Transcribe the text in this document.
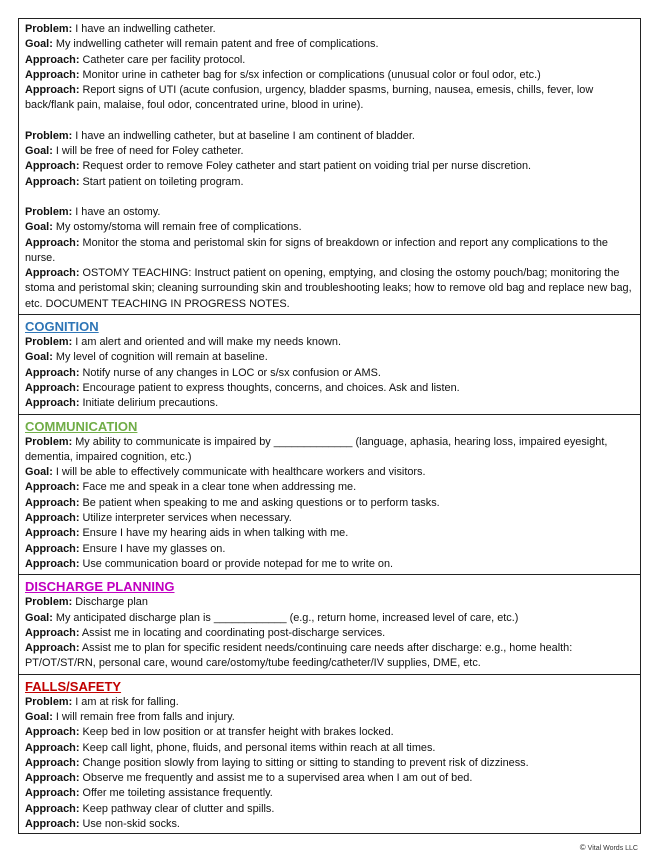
Problem: I have an indwelling catheter.

Goal: My indwelling catheter will remain patent and free of complications.

Approach: Catheter care per facility protocol.

Approach: Monitor urine in catheter bag for s/sx infection or complications (unusual color or foul odor, etc.)

Approach: Report signs of UTI (acute confusion, urgency, bladder spasms, burning, nausea, emesis, chills, fever, low back/flank pain, malaise, foul odor, concentrated urine, blood in urine).

Problem: I have an indwelling catheter, but at baseline I am continent of bladder.

Goal: I will be free of need for Foley catheter.

Approach: Request order to remove Foley catheter and start patient on voiding trial per nurse discretion.

Approach: Start patient on toileting program.

Problem: I have an ostomy.

Goal: My ostomy/stoma will remain free of complications.

Approach: Monitor the stoma and peristomal skin for signs of breakdown or infection and report any complications to the nurse.

Approach: OSTOMY TEACHING: Instruct patient on opening, emptying, and closing the ostomy pouch/bag; monitoring the stoma and peristomal skin; cleaning surrounding skin and troubleshooting leaks; how to remove old bag and replace new bag, etc. DOCUMENT TEACHING IN PROGRESS NOTES.

COGNITION

Problem: I am alert and oriented and will make my needs known.

Goal: My level of cognition will remain at baseline.

Approach: Notify nurse of any changes in LOC or s/sx confusion or AMS.

Approach: Encourage patient to express thoughts, concerns, and choices. Ask and listen.

Approach: Initiate delirium precautions.

COMMUNICATION

Problem: My ability to communicate is impaired by _____________ (language, aphasia, hearing loss, impaired eyesight, dementia, impaired cognition, etc.)

Goal: I will be able to effectively communicate with healthcare workers and visitors.

Approach: Face me and speak in a clear tone when addressing me.

Approach: Be patient when speaking to me and asking questions or to perform tasks.

Approach: Utilize interpreter services when necessary.

Approach: Ensure I have my hearing aids in when talking with me.

Approach: Ensure I have my glasses on.

Approach: Use communication board or provide notepad for me to write on.

DISCHARGE PLANNING

Problem: Discharge plan

Goal: My anticipated discharge plan is ____________ (e.g., return home, increased level of care, etc.)

Approach: Assist me in locating and coordinating post-discharge services.

Approach: Assist me to plan for specific resident needs/continuing care needs after discharge: e.g., home health: PT/OT/ST/RN, personal care, wound care/ostomy/tube feeding/catheter/IV supplies, DME, etc.

FALLS/SAFETY

Problem: I am at risk for falling.

Goal: I will remain free from falls and injury.

Approach: Keep bed in low position or at transfer height with brakes locked.

Approach: Keep call light, phone, fluids, and personal items within reach at all times.

Approach: Change position slowly from laying to sitting or sitting to standing to prevent risk of dizziness.

Approach: Observe me frequently and assist me to a supervised area when I am out of bed.

Approach: Offer me toileting assistance frequently.

Approach: Keep pathway clear of clutter and spills.

Approach: Use non-skid socks.

© Vital Words LLC
